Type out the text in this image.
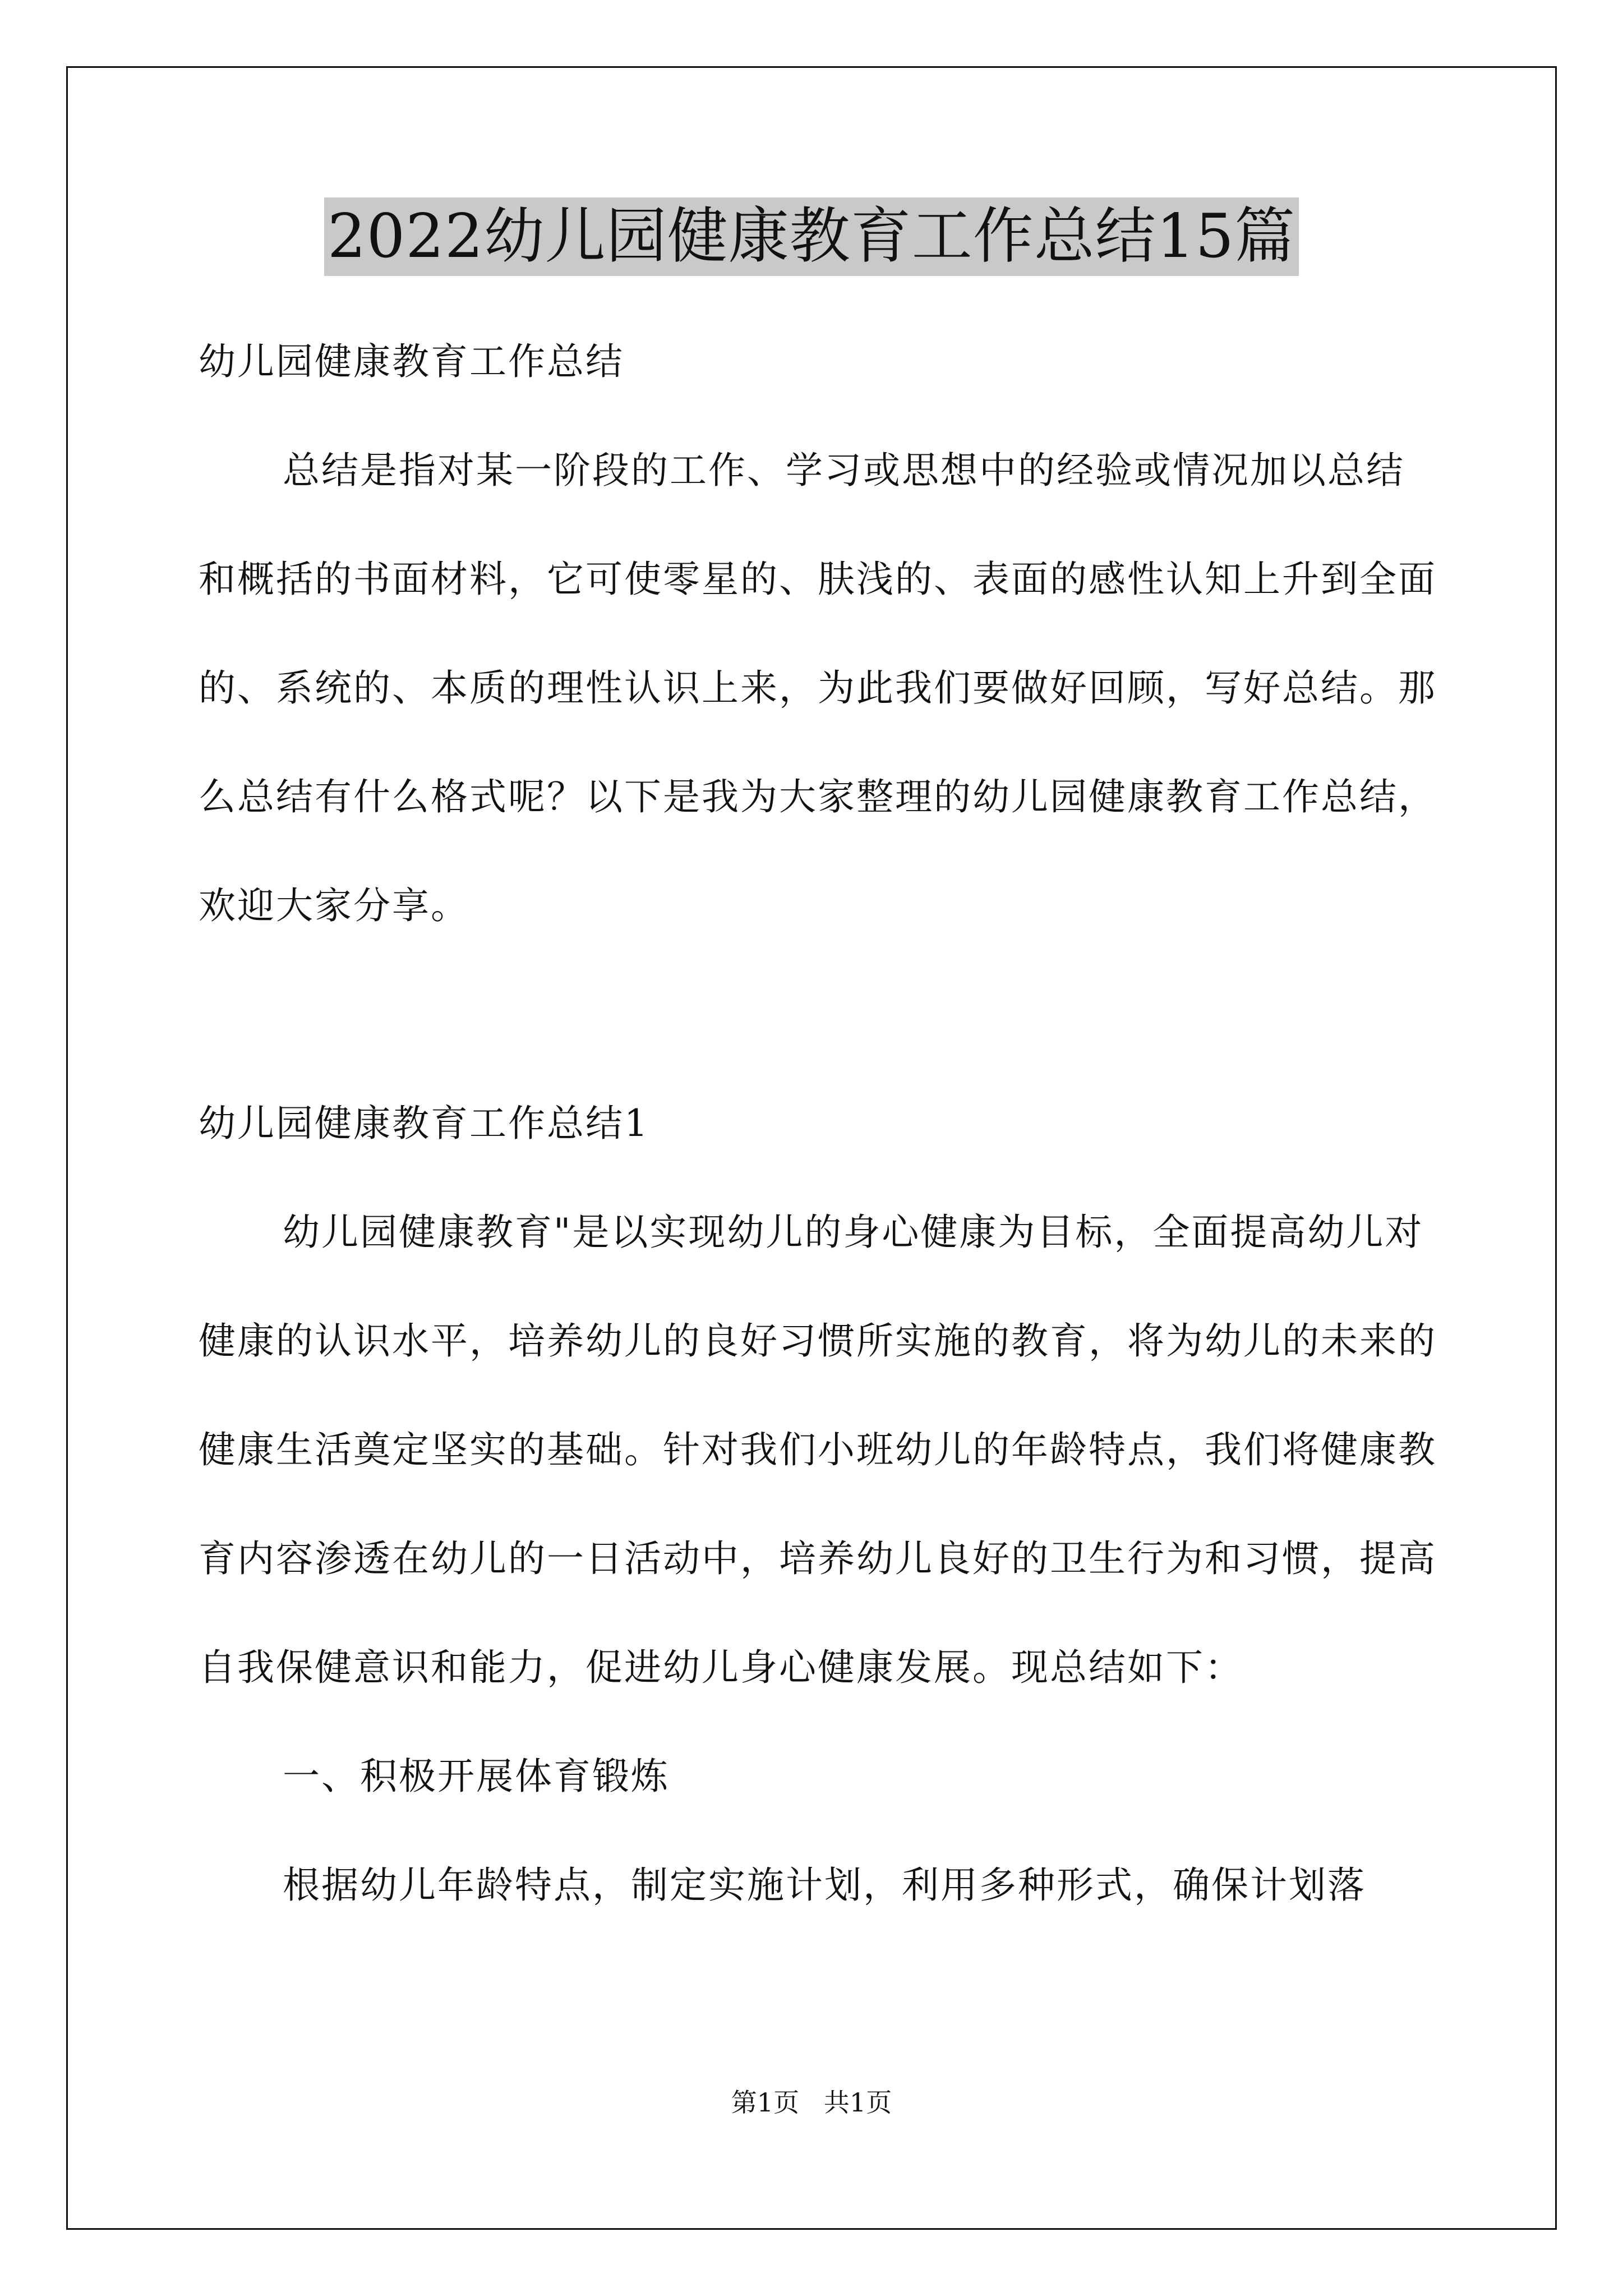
2022幼儿园健康教育工作总结15篇

幼儿园健康教育工作总结

总结是指对某一阶段的工作、学习或思想中的经验或情况加以总结和概括的书面材料，它可使零星的、肤浅的、表面的感性认知上升到全面的、系统的、本质的理性认识上来，为此我们要做好回顾，写好总结。那么总结有什么格式呢？以下是我为大家整理的幼儿园健康教育工作总结，欢迎大家分享。

幼儿园健康教育工作总结1

幼儿园健康教育"是以实现幼儿的身心健康为目标，全面提高幼儿对健康的认识水平，培养幼儿的良好习惯所实施的教育，将为幼儿的未来的健康生活奠定坚实的基础。针对我们小班幼儿的年龄特点，我们将健康教育内容渗透在幼儿的一日活动中，培养幼儿良好的卫生行为和习惯，提高自我保健意识和能力，促进幼儿身心健康发展。现总结如下：

一、积极开展体育锻炼

根据幼儿年龄特点，制定实施计划，利用多种形式，确保计划落

第1页   共1页
